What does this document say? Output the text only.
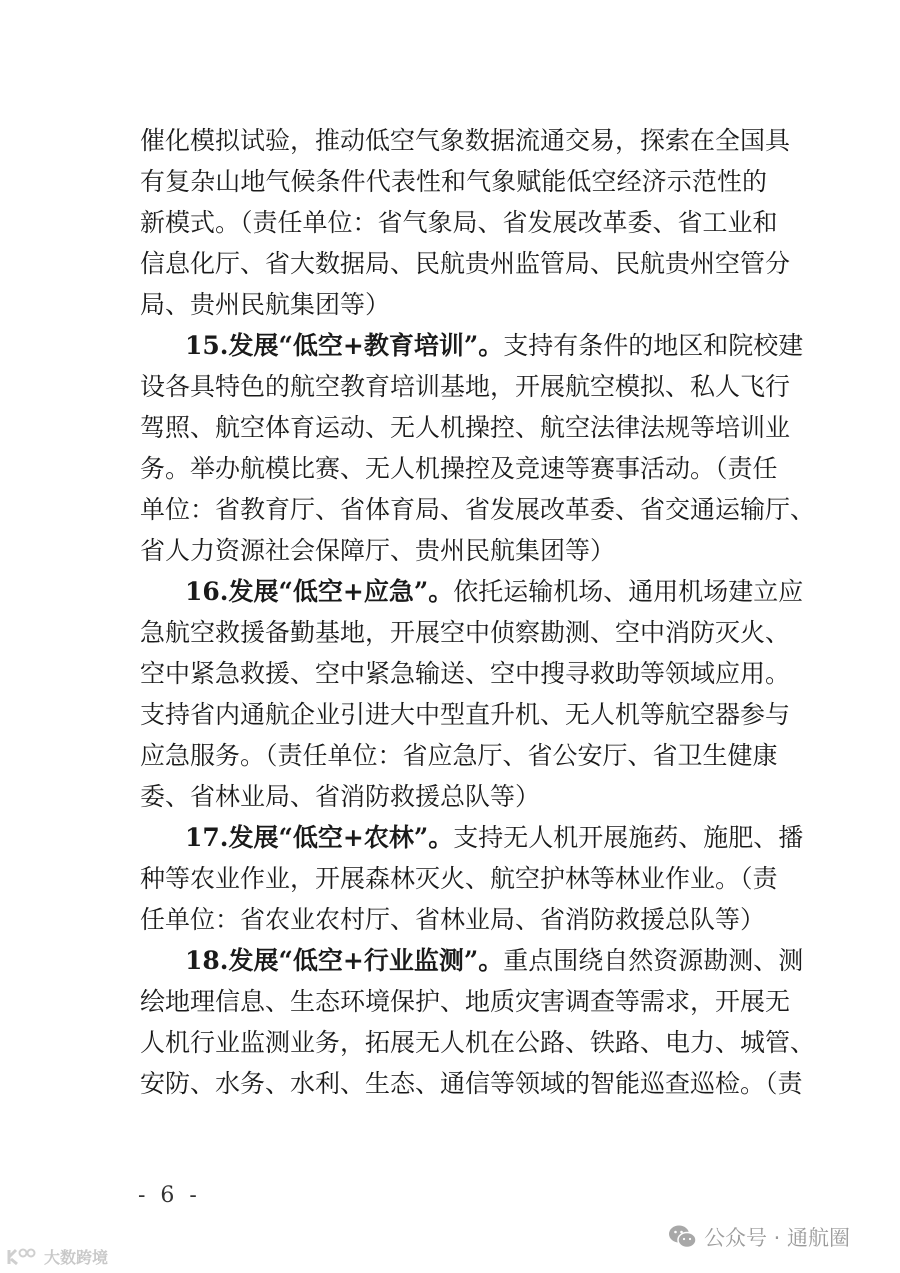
催化模拟试验，推动低空气象数据流通交易，探索在全国具
有复杂山地气候条件代表性和气象赋能低空经济示范性的
新模式。（责任单位：省气象局、省发展改革委、省工业和
信息化厅、省大数据局、民航贵州监管局、民航贵州空管分
局、贵州民航集团等）
15.发展“低空+教育培训”。支持有条件的地区和院校建
设各具特色的航空教育培训基地，开展航空模拟、私人飞行
驾照、航空体育运动、无人机操控、航空法律法规等培训业
务。举办航模比赛、无人机操控及竞速等赛事活动。（责任
单位：省教育厅、省体育局、省发展改革委、省交通运输厅、
省人力资源社会保障厅、贵州民航集团等）
16.发展“低空+应急”。依托运输机场、通用机场建立应
急航空救援备勤基地，开展空中侦察勘测、空中消防灭火、
空中紧急救援、空中紧急输送、空中搜寻救助等领域应用。
支持省内通航企业引进大中型直升机、无人机等航空器参与
应急服务。（责任单位：省应急厅、省公安厅、省卫生健康
委、省林业局、省消防救援总队等）
17.发展“低空+农林”。支持无人机开展施药、施肥、播
种等农业作业，开展森林灭火、航空护林等林业作业。（责
任单位：省农业农村厅、省林业局、省消防救援总队等）
18.发展“低空+行业监测”。重点围绕自然资源勘测、测
绘地理信息、生态环境保护、地质灾害调查等需求，开展无
人机行业监测业务，拓展无人机在公路、铁路、电力、城管、
安防、水务、水利、生态、通信等领域的智能巡查巡检。（责
- 6 -
公众号 · 通航圈
大数跨境
